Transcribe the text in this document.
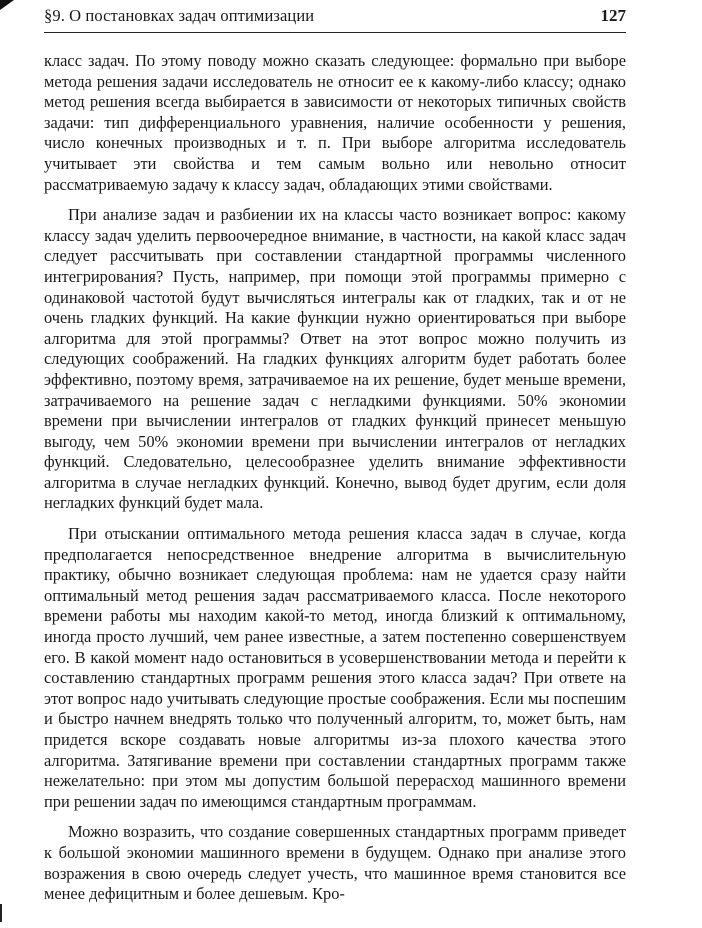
§9. О постановках задач оптимизации	127

класс задач. По этому поводу можно сказать следующее: формально при выборе метода решения задачи исследователь не относит ее к какому-либо классу; однако метод решения всегда выбирается в зависимости от некоторых типичных свойств задачи: тип дифференциального уравнения, наличие особенности у решения, число конечных производных и т. п. При выборе алгоритма исследователь учитывает эти свойства и тем самым вольно или невольно относит рассматриваемую задачу к классу задач, обладающих этими свойствами.

При анализе задач и разбиении их на классы часто возникает вопрос: какому классу задач уделить первоочередное внимание, в частности, на какой класс задач следует рассчитывать при составлении стандартной программы численного интегрирования? Пусть, например, при помощи этой программы примерно с одинаковой частотой будут вычисляться интегралы как от гладких, так и от не очень гладких функций. На какие функции нужно ориентироваться при выборе алгоритма для этой программы? Ответ на этот вопрос можно получить из следующих соображений. На гладких функциях алгоритм будет работать более эффективно, поэтому время, затрачиваемое на их решение, будет меньше времени, затрачиваемого на решение задач с негладкими функциями. 50% экономии времени при вычислении интегралов от гладких функций принесет меньшую выгоду, чем 50% экономии времени при вычислении интегралов от негладких функций. Следовательно, целесообразнее уделить внимание эффективности алгоритма в случае негладких функций. Конечно, вывод будет другим, если доля негладких функций будет мала.

При отыскании оптимального метода решения класса задач в случае, когда предполагается непосредственное внедрение алгоритма в вычислительную практику, обычно возникает следующая проблема: нам не удается сразу найти оптимальный метод решения задач рассматриваемого класса. После некоторого времени работы мы находим какой-то метод, иногда близкий к оптимальному, иногда просто лучший, чем ранее известные, а затем постепенно совершенствуем его. В какой момент надо остановиться в усовершенствовании метода и перейти к составлению стандартных программ решения этого класса задач? При ответе на этот вопрос надо учитывать следующие простые соображения. Если мы поспешим и быстро начнем внедрять только что полученный алгоритм, то, может быть, нам придется вскоре создавать новые алгоритмы из-за плохого качества этого алгоритма. Затягивание времени при составлении стандартных программ также нежелательно: при этом мы допустим большой перерасход машинного времени при решении задач по имеющимся стандартным программам.

Можно возразить, что создание совершенных стандартных программ приведет к большой экономии машинного времени в будущем. Однако при анализе этого возражения в свою очередь следует учесть, что машинное время становится все менее дефицитным и более дешевым. Кро-
